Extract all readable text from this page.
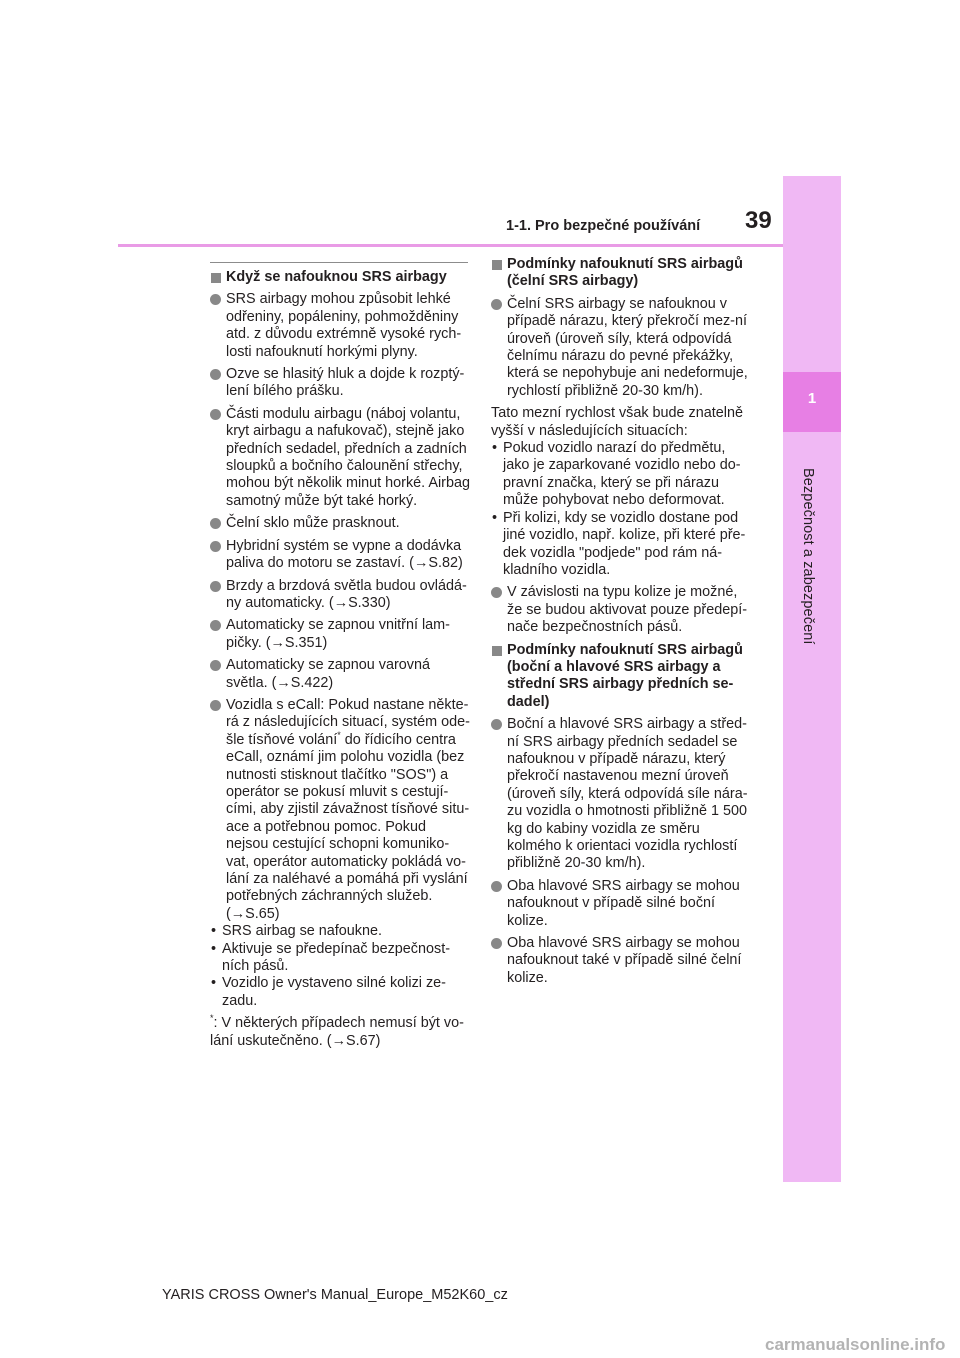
1
Bezpečnost a zabezpečení
39
1-1. Pro bezpečné používání
Když se nafouknou SRS airbagy
SRS airbagy mohou způsobit lehké odřeniny, popáleniny, pohmožděniny atd. z důvodu extrémně vysoké rych-losti nafouknutí horkými plyny.
Ozve se hlasitý hluk a dojde k rozptý-lení bílého prášku.
Části modulu airbagu (náboj volantu, kryt airbagu a nafukovač), stejně jako předních sedadel, předních a zadních sloupků a bočního čalounění střechy, mohou být několik minut horké. Airbag samotný může být také horký.
Čelní sklo může prasknout.
Hybridní systém se vypne a dodávka paliva do motoru se zastaví. (→S.82)
Brzdy a brzdová světla budou ovládá-ny automaticky. (→S.330)
Automaticky se zapnou vnitřní lam-pičky. (→S.351)
Automaticky se zapnou varovná světla. (→S.422)
Vozidla s eCall: Pokud nastane někte-rá z následujících situací, systém ode-šle tísňové volání* do řídicího centra eCall, oznámí jim polohu vozidla (bez nutnosti stisknout tlačítko "SOS") a operátor se pokusí mluvit s cestují-cími, aby zjistil závažnost tísňové situ-ace a potřebnou pomoc. Pokud nejsou cestující schopni komuniko-vat, operátor automaticky pokládá vo-lání za naléhavé a pomáhá při vyslání potřebných záchranných služeb. (→S.65)
• SRS airbag se nafoukne.
• Aktivuje se předepínač bezpečnost-ních pásů.
• Vozidlo je vystaveno silné kolizi ze-zadu.
*: V některých případech nemusí být vo-lání uskutečněno. (→S.67)
Podmínky nafouknutí SRS airbagů (čelní SRS airbagy)
Čelní SRS airbagy se nafouknou v případě nárazu, který překročí mez-ní úroveň (úroveň síly, která odpovídá čelnímu nárazu do pevné překážky, která se nepohybuje ani nedeformuje, rychlostí přibližně 20-30 km/h).
Tato mezní rychlost však bude znatelně vyšší v následujících situacích:
• Pokud vozidlo narazí do předmětu, jako je zaparkované vozidlo nebo do-pravní značka, který se při nárazu může pohybovat nebo deformovat.
• Při kolizi, kdy se vozidlo dostane pod jiné vozidlo, např. kolize, při které pře-dek vozidla "podjede" pod rám ná-kladního vozidla.
V závislosti na typu kolize je možné, že se budou aktivovat pouze předepí-nače bezpečnostních pásů.
Podmínky nafouknutí SRS airbagů (boční a hlavové SRS airbagy a střední SRS airbagy předních se-dadel)
Boční a hlavové SRS airbagy a střed-ní SRS airbagy předních sedadel se nafouknou v případě nárazu, který překročí nastavenou mezní úroveň (úroveň síly, která odpovídá síle nára-zu vozidla o hmotnosti přibližně 1 500 kg do kabiny vozidla ze směru kolmého k orientaci vozidla rychlostí přibližně 20-30 km/h).
Oba hlavové SRS airbagy se mohou nafouknout v případě silné boční kolize.
Oba hlavové SRS airbagy se mohou nafouknout také v případě silné čelní kolize.
YARIS CROSS Owner's Manual_Europe_M52K60_cz
carmanualsonline.info
